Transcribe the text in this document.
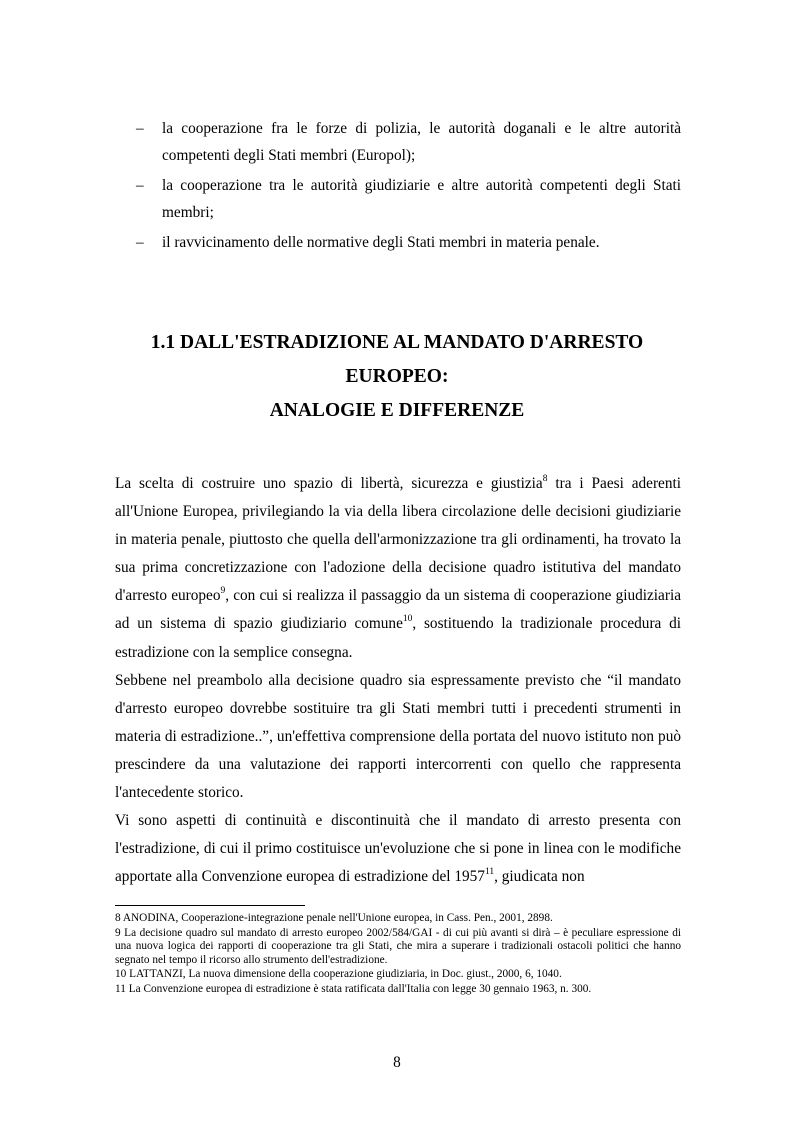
–	la cooperazione fra le forze di polizia, le autorità doganali e le altre autorità competenti degli Stati membri (Europol);
–	la cooperazione tra le autorità giudiziarie e altre autorità competenti degli Stati membri;
–	il ravvicinamento delle normative degli Stati membri in materia penale.
1.1 DALL'ESTRADIZIONE AL MANDATO D'ARRESTO
EUROPEO:
ANALOGIE E DIFFERENZE

La scelta di costruire uno spazio di libertà, sicurezza e giustizia$^8$ tra i Paesi aderenti all'Unione Europea, privilegiando la via della libera circolazione delle decisioni giudiziarie in materia penale, piuttosto che quella dell'armonizzazione tra gli ordinamenti, ha trovato la sua prima concretizzazione con l'adozione della decisione quadro istitutiva del mandato d'arresto europeo$^9$, con cui si realizza il passaggio da un sistema di cooperazione giudiziaria ad un sistema di spazio giudiziario comune$^{10}$, sostituendo la tradizionale procedura di estradizione con la semplice consegna.

Sebbene nel preambolo alla decisione quadro sia espressamente previsto che “il mandato d'arresto europeo dovrebbe sostituire tra gli Stati membri tutti i precedenti strumenti in materia di estradizione..”, un'effettiva comprensione della portata del nuovo istituto non può prescindere da una valutazione dei rapporti intercorrenti con quello che rappresenta l'antecedente storico.

Vi sono aspetti di continuità e discontinuità che il mandato di arresto presenta con l'estradizione, di cui il primo costituisce un'evoluzione che si pone in linea con le modifiche apportate alla Convenzione europea di estradizione del 1957$^{11}$, giudicata non

8 ANODINA, Cooperazione-integrazione penale nell'Unione europea, in Cass. Pen., 2001, 2898.

9 La decisione quadro sul mandato di arresto europeo 2002/584/GAI - di cui più avanti si dirà – è peculiare espressione di una nuova logica dei rapporti di cooperazione tra gli Stati, che mira a superare i tradizionali ostacoli politici che hanno segnato nel tempo il ricorso allo strumento dell'estradizione.

10 LATTANZI, La nuova dimensione della cooperazione giudiziaria, in Doc. giust., 2000, 6, 1040.

11 La Convenzione europea di estradizione è stata ratificata dall'Italia con legge 30 gennaio 1963, n. 300.

8
